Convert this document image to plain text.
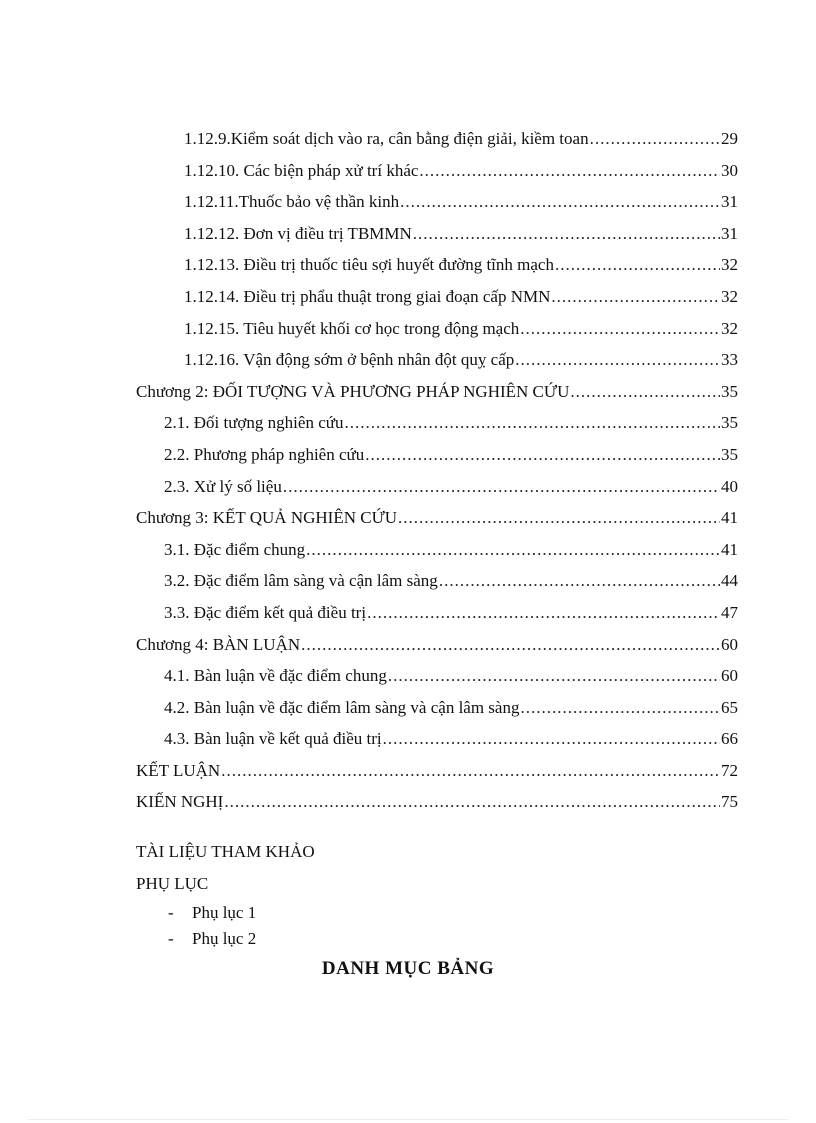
1.12.9.Kiểm soát dịch vào ra, cân bằng điện giải, kiềm toan .....	29
1.12.10. Các biện pháp xử trí khác .....	30
1.12.11.Thuốc bảo vệ thần kinh .....	31
1.12.12. Đơn vị điều trị TBMMN .....	31
1.12.13. Điều trị thuốc tiêu sợi huyết đường tĩnh mạch .....	32
1.12.14. Điều trị phẩu thuật trong giai đoạn cấp NMN .....	32
1.12.15. Tiêu huyết khối cơ học trong động mạch .....	32
1.12.16. Vận động sớm ở bệnh nhân đột quỵ cấp .....	33
Chương 2: ĐỐI TƯỢNG VÀ PHƯƠNG PHÁP NGHIÊN CỨU .....	35
2.1. Đối tượng nghiên cứu .....	35
2.2. Phương pháp nghiên cứu .....	35
2.3. Xử lý số liệu .....	40
Chương 3: KẾT QUẢ NGHIÊN CỨU .....	41
3.1. Đặc điểm chung .....	41
3.2. Đặc điểm lâm sàng và cận lâm sàng .....	44
3.3. Đặc điểm kết quả điều trị .....	47
Chương 4: BÀN LUẬN .....	60
4.1. Bàn luận về đặc điểm chung .....	60
4.2. Bàn luận về đặc điểm lâm sàng và cận lâm sàng .....	65
4.3. Bàn luận về kết quả điều trị .....	66
KẾT LUẬN .....	72
KIẾN NGHỊ .....	75
TÀI LIỆU THAM KHẢO
PHỤ LỤC
- Phụ lục 1
- Phụ lục 2
DANH MỤC BẢNG
